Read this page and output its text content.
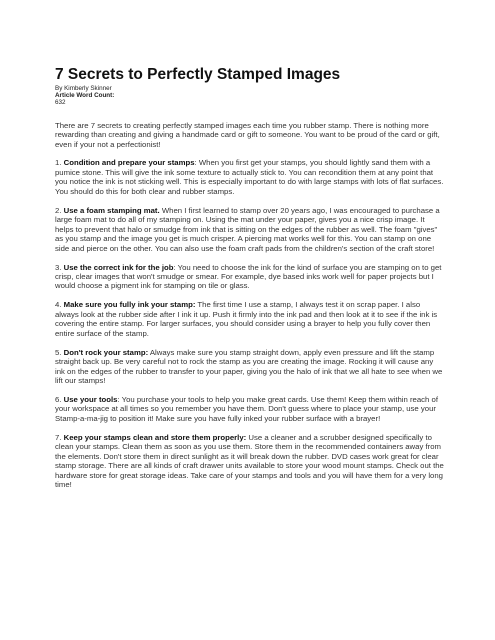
7 Secrets to Perfectly Stamped Images
By Kimberly Skinner
Article Word Count:
632

There are 7 secrets to creating perfectly stamped images each time you rubber stamp. There is nothing more rewarding than creating and giving a handmade card or gift to someone. You want to be proud of the card or gift, even if your not a perfectionist!

1. Condition and prepare your stamps: When you first get your stamps, you should lightly sand them with a pumice stone. This will give the ink some texture to actually stick to. You can recondition them at any point that you notice the ink is not sticking well. This is especially important to do with large stamps with lots of flat surfaces. You should do this for both clear and rubber stamps.

2. Use a foam stamping mat. When I first learned to stamp over 20 years ago, I was encouraged to purchase a large foam mat to do all of my stamping on. Using the mat under your paper, gives you a nice crisp image. It helps to prevent that halo or smudge from ink that is sitting on the edges of the rubber as well. The foam "gives" as you stamp and the image you get is much crisper. A piercing mat works well for this. You can stamp on one side and pierce on the other. You can also use the foam craft pads from the children's section of the craft store!

3. Use the correct ink for the job: You need to choose the ink for the kind of surface you are stamping on to get crisp, clear images that won't smudge or smear. For example, dye based inks work well for paper projects but I would choose a pigment ink for stamping on tile or glass.

4. Make sure you fully ink your stamp: The first time I use a stamp, I always test it on scrap paper. I also always look at the rubber side after I ink it up. Push it firmly into the ink pad and then look at it to see if the ink is covering the entire stamp. For larger surfaces, you should consider using a brayer to help you fully cover then entire surface of the stamp.

5. Don't rock your stamp: Always make sure you stamp straight down, apply even pressure and lift the stamp straight back up. Be very careful not to rock the stamp as you are creating the image. Rocking it will cause any ink on the edges of the rubber to transfer to your paper, giving you the halo of ink that we all hate to see when we lift our stamps!

6. Use your tools: You purchase your tools to help you make great cards. Use them! Keep them within reach of your workspace at all times so you remember you have them. Don't guess where to place your stamp, use your Stamp-a-ma-jig to position it! Make sure you have fully inked your rubber surface with a brayer!

7. Keep your stamps clean and store them properly: Use a cleaner and a scrubber designed specifically to clean your stamps. Clean them as soon as you use them. Store them in the recommended containers away from the elements. Don't store them in direct sunlight as it will break down the rubber. DVD cases work great for clear stamp storage. There are all kinds of craft drawer units available to store your wood mount stamps. Check out the hardware store for great storage ideas. Take care of your stamps and tools and you will have them for a very long time!
